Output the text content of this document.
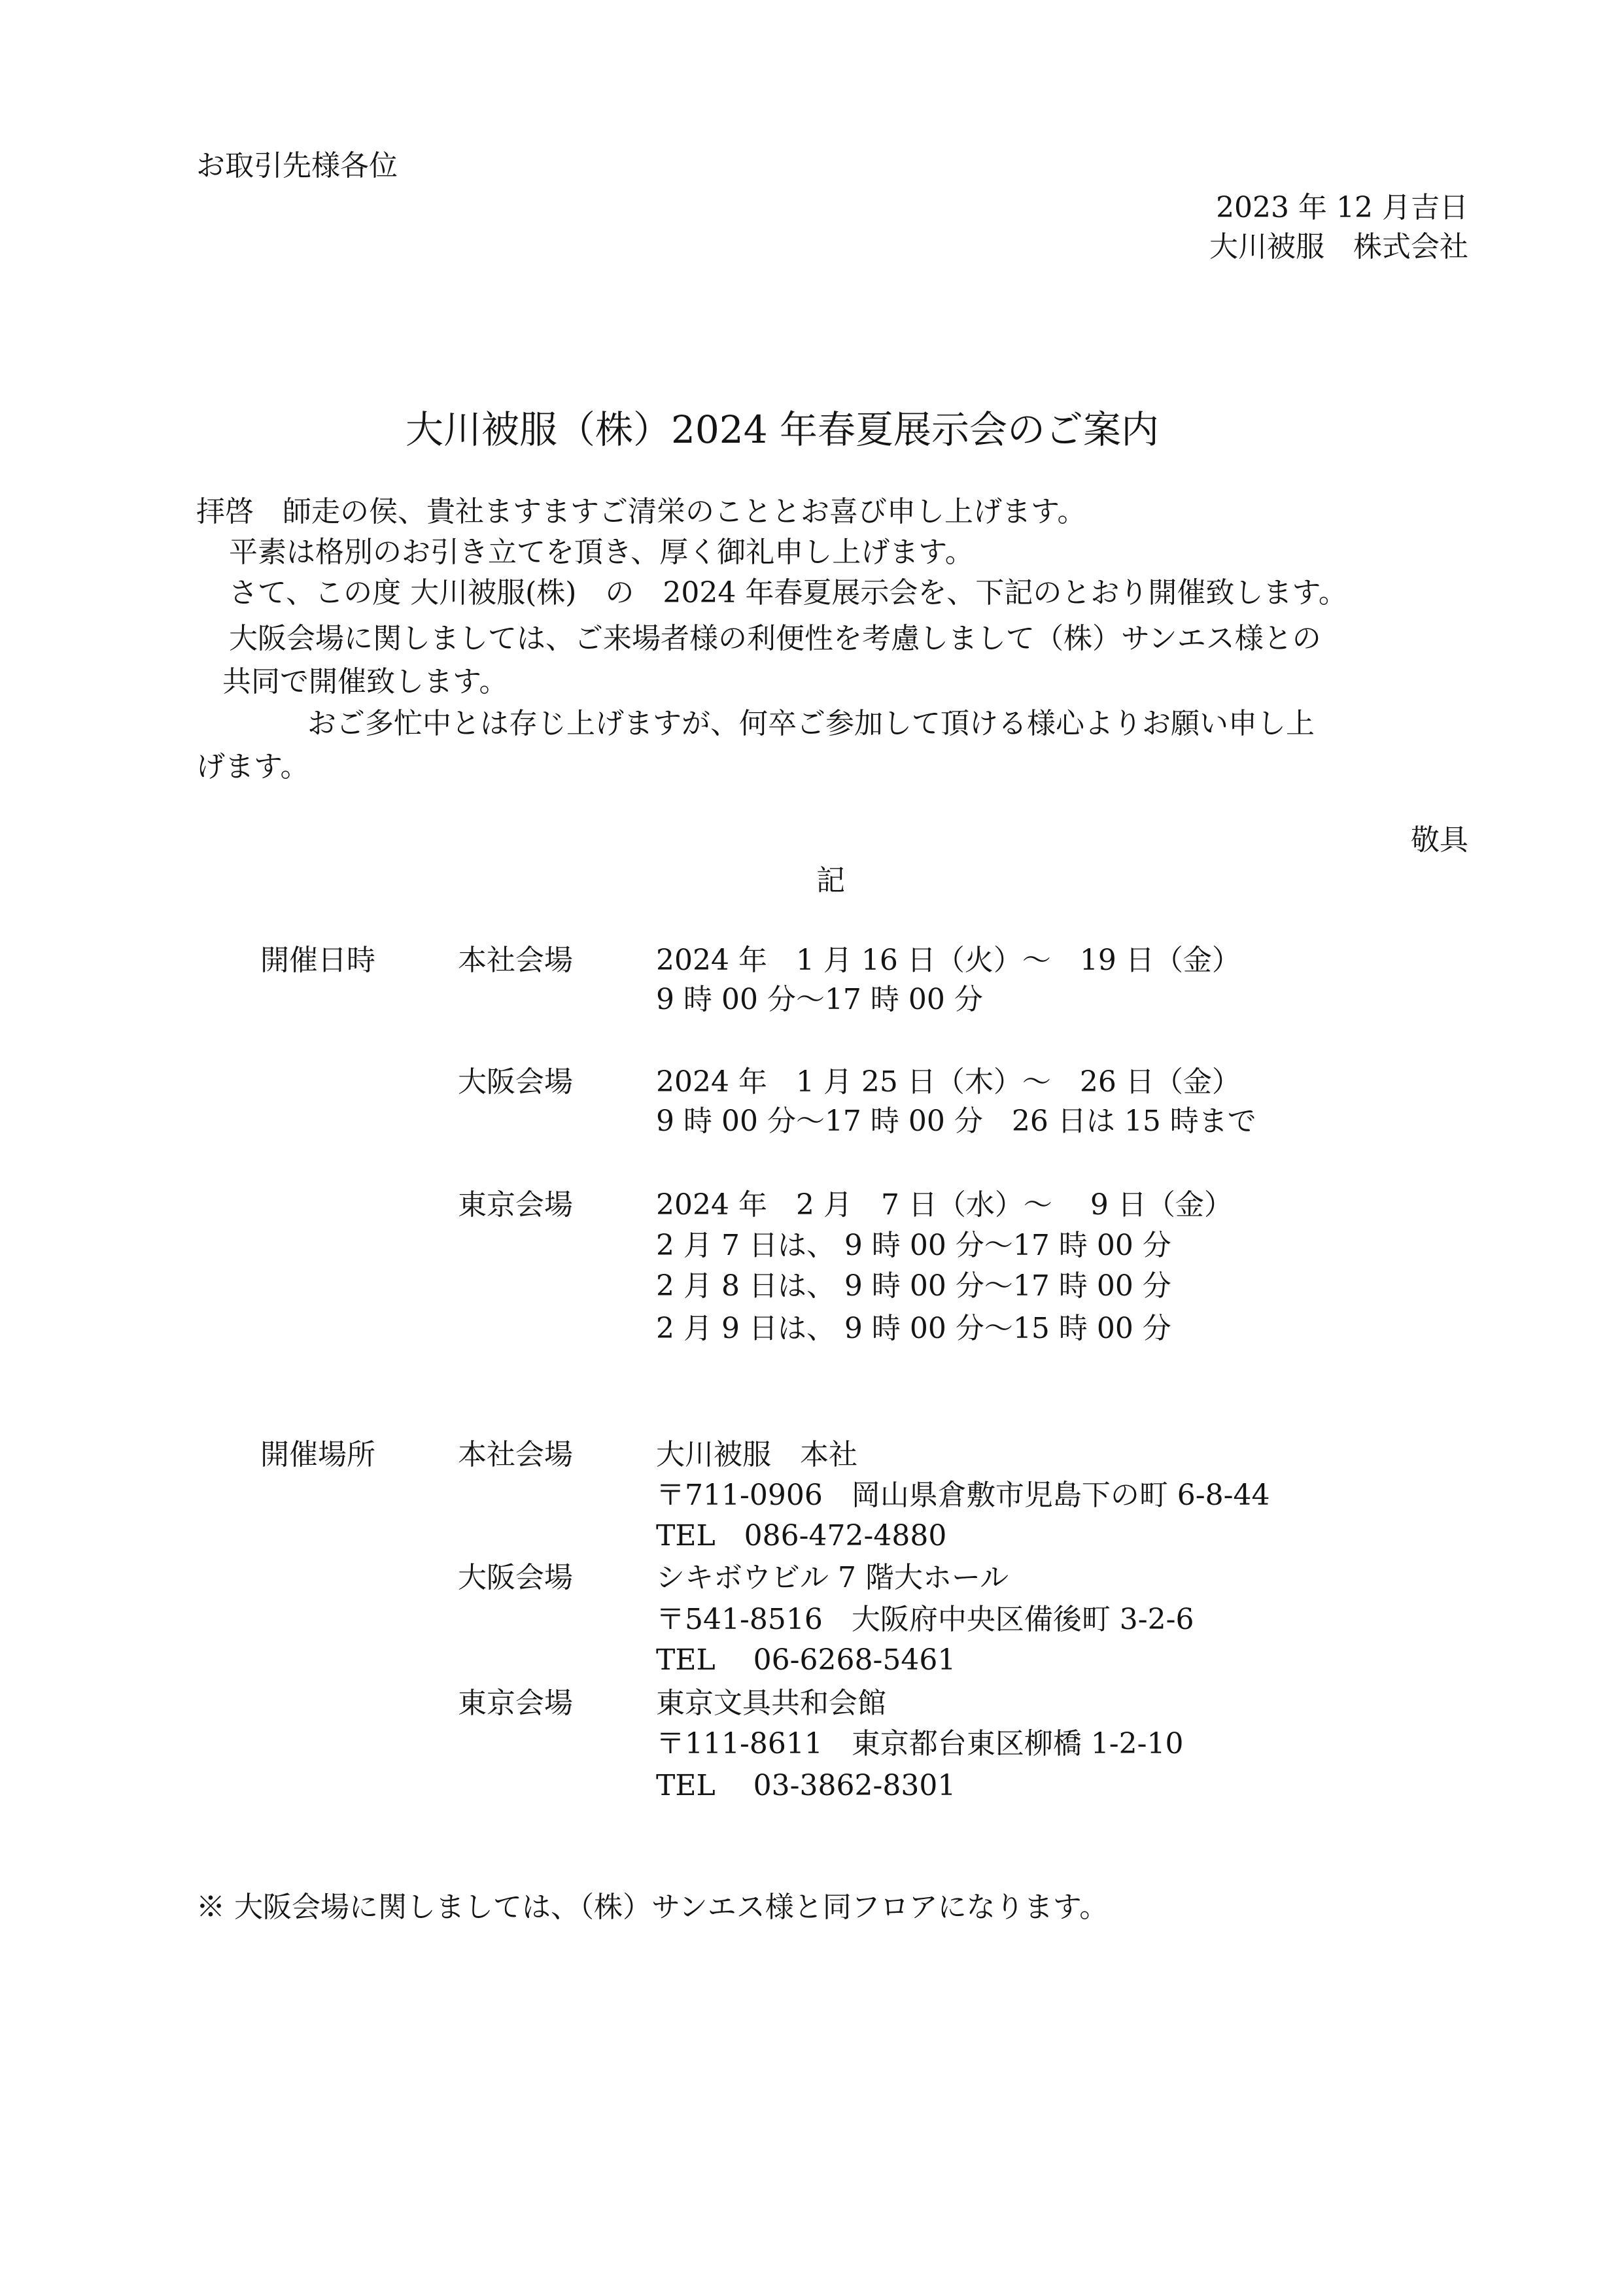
お取引先様各位
2023 年 12 月吉日
大川被服　株式会社
大川被服（株）2024 年春夏展示会のご案内
拝啓　師走の侯、貴社ますますご清栄のこととお喜び申し上げます。
平素は格別のお引き立てを頂き、厚く御礼申し上げます。
さて、この度 大川被服(株)　の　2024 年春夏展示会を、下記のとおり開催致します。
大阪会場に関しましては、ご来場者様の利便性を考慮しまして（株）サンエス様との
共同で開催致します。
おご多忙中とは存じ上げますが、何卒ご参加して頂ける様心よりお願い申し上
げます。
敬具
記
開催日時	本社会場	2024 年　1 月 16 日（火）～　19 日（金）
9 時 00 分～17 時 00 分
大阪会場	2024 年　1 月 25 日（木）～　26 日（金）
9 時 00 分～17 時 00 分　26 日は 15 時まで
東京会場	2024 年　2 月　7 日（水）～　 9 日（金）
2 月 7 日は、 9 時 00 分～17 時 00 分
2 月 8 日は、 9 時 00 分～17 時 00 分
2 月 9 日は、 9 時 00 分～15 時 00 分
開催場所	本社会場	大川被服　本社
〒711-0906　岡山県倉敷市児島下の町 6-8-44
TEL　086-472-4880
大阪会場	シキボウビル 7 階大ホール
〒541-8516　大阪府中央区備後町 3-2-6
TEL　 06-6268-5461
東京会場	東京文具共和会館
〒111-8611　東京都台東区柳橋 1-2-10
TEL　 03-3862-8301
※ 大阪会場に関しましては、（株）サンエス様と同フロアになります。
